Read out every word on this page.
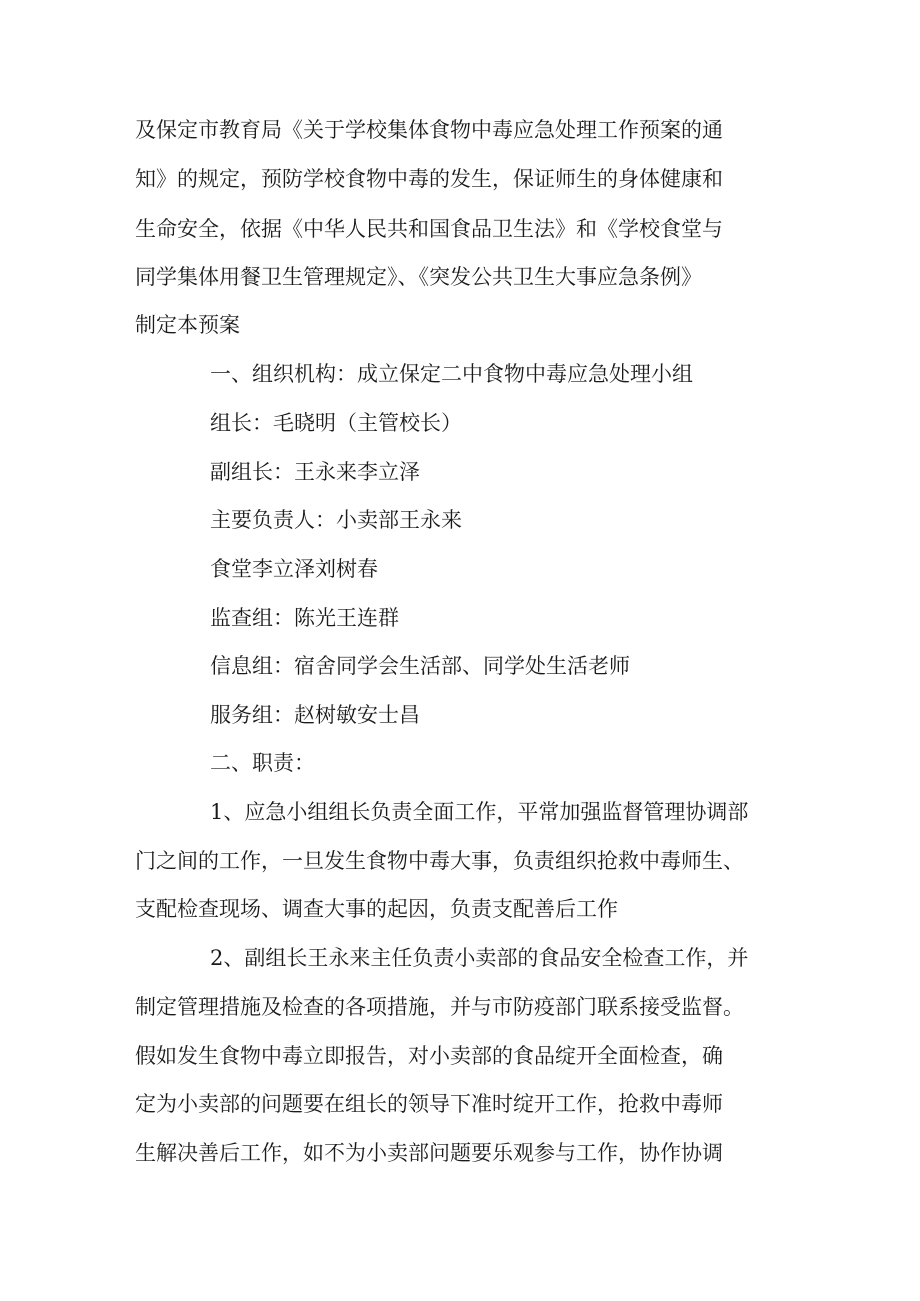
及保定市教育局《关于学校集体食物中毒应急处理工作预案的通
知》的规定，预防学校食物中毒的发生，保证师生的身体健康和
生命安全，依据《中华人民共和国食品卫生法》和《学校食堂与
同学集体用餐卫生管理规定》、《突发公共卫生大事应急条例》
制定本预案
一、组织机构：成立保定二中食物中毒应急处理小组
组长：毛晓明（主管校长）
副组长：王永来李立泽
主要负责人：小卖部王永来
食堂李立泽刘树春
监查组：陈光王连群
信息组：宿舍同学会生活部、同学处生活老师
服务组：赵树敏安士昌
二、职责：
1、应急小组组长负责全面工作，平常加强监督管理协调部
门之间的工作，一旦发生食物中毒大事，负责组织抢救中毒师生、
支配检查现场、调查大事的起因，负责支配善后工作
2、副组长王永来主任负责小卖部的食品安全检查工作，并
制定管理措施及检查的各项措施，并与市防疫部门联系接受监督。
假如发生食物中毒立即报告，对小卖部的食品绽开全面检查，确
定为小卖部的问题要在组长的领导下准时绽开工作，抢救中毒师
生解决善后工作，如不为小卖部问题要乐观参与工作，协作协调
